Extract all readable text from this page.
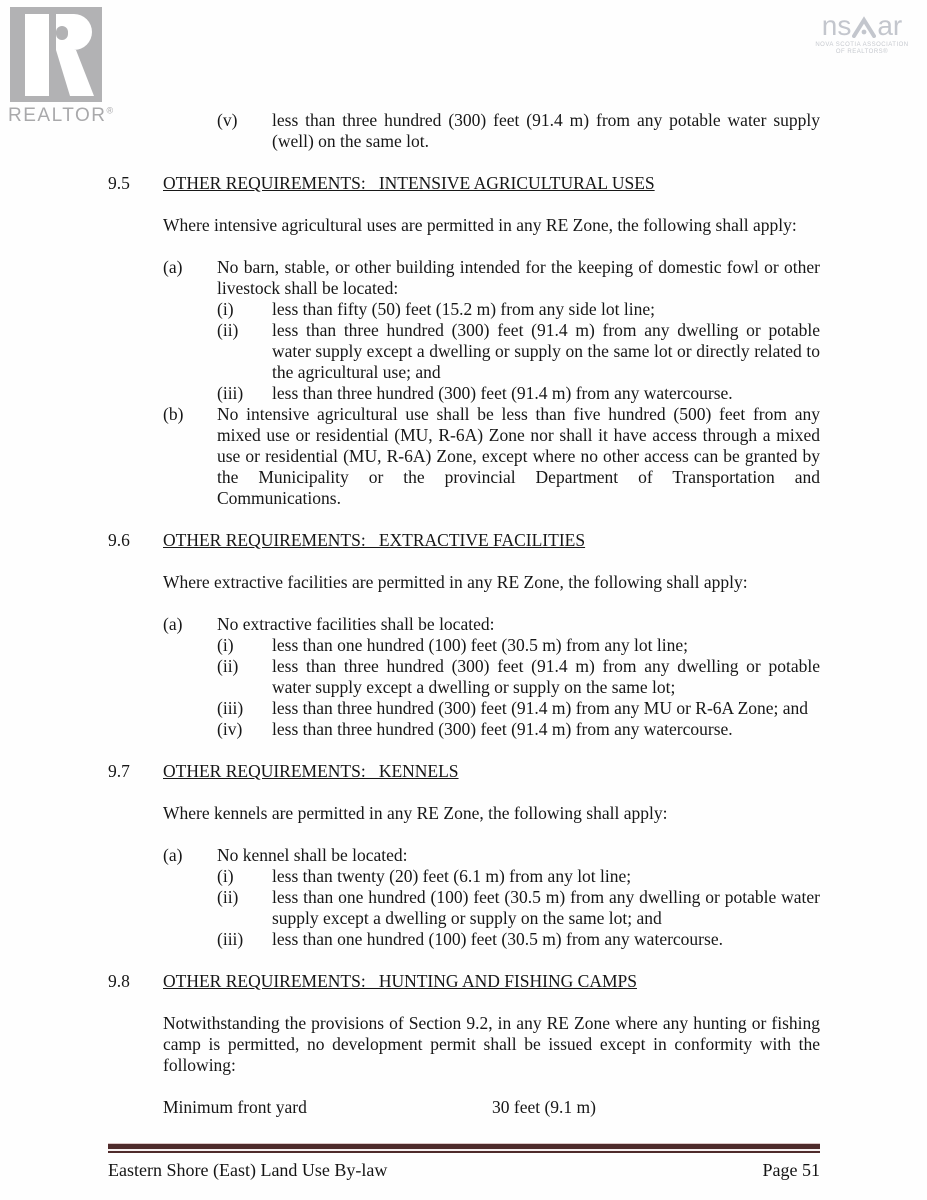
REALTOR®
ns ar
NOVA SCOTIA ASSOCIATION
OF REALTORS®
(v)	less than three hundred (300) feet (91.4 m) from any potable water supply (well) on the same lot.
9.5	OTHER REQUIREMENTS:   INTENSIVE AGRICULTURAL USES
Where intensive agricultural uses are permitted in any RE Zone, the following shall apply:
(a)	No barn, stable, or other building intended for the keeping of domestic fowl or other livestock shall be located:
(i)	less than fifty (50) feet (15.2 m) from any side lot line;
(ii)	less than three hundred (300) feet (91.4 m) from any dwelling or potable water supply except a dwelling or supply on the same lot or directly related to the agricultural use; and
(iii)	less than three hundred (300) feet (91.4 m) from any watercourse.
(b)	No intensive agricultural use shall be less than five hundred (500) feet from any mixed use or residential (MU, R-6A) Zone nor shall it have access through a mixed use or residential (MU, R-6A) Zone, except where no other access can be granted by the Municipality or the provincial Department of Transportation and Communications.
9.6	OTHER REQUIREMENTS:   EXTRACTIVE FACILITIES
Where extractive facilities are permitted in any RE Zone, the following shall apply:
(a)	No extractive facilities shall be located:
(i)	less than one hundred (100) feet (30.5 m) from any lot line;
(ii)	less than three hundred (300) feet (91.4 m) from any dwelling or potable water supply except a dwelling or supply on the same lot;
(iii)	less than three hundred (300) feet (91.4 m) from any MU or R-6A Zone; and
(iv)	less than three hundred (300) feet (91.4 m) from any watercourse.
9.7	OTHER REQUIREMENTS:   KENNELS
Where kennels are permitted in any RE Zone, the following shall apply:
(a)	No kennel shall be located:
(i)	less than twenty (20) feet (6.1 m) from any lot line;
(ii)	less than one hundred (100) feet (30.5 m) from any dwelling or potable water supply except a dwelling or supply on the same lot; and
(iii)	less than one hundred (100) feet (30.5 m) from any watercourse.
9.8	OTHER REQUIREMENTS:   HUNTING AND FISHING CAMPS
Notwithstanding the provisions of Section 9.2, in any RE Zone where any hunting or fishing camp is permitted, no development permit shall be issued except in conformity with the following:
Minimum front yard	30 feet (9.1 m)
Eastern Shore (East) Land Use By-law	Page 51
